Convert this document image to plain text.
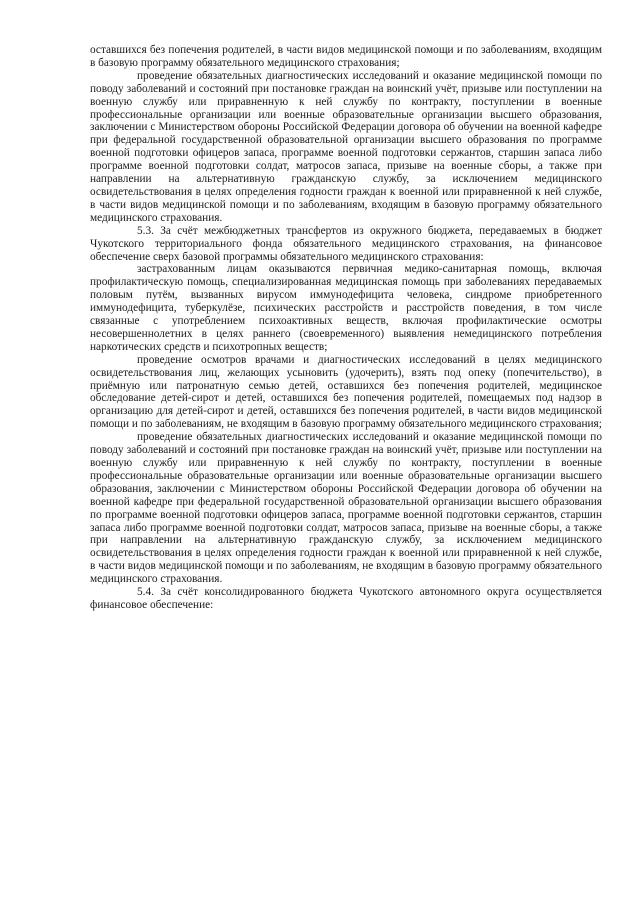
оставшихся без попечения родителей, в части видов медицинской помощи и по заболеваниям, входящим в базовую программу обязательного медицинского страхования;

проведение обязательных диагностических исследований и оказание медицинской помощи по поводу заболеваний и состояний при постановке граждан на воинский учёт, призыве или поступлении на военную службу или приравненную к ней службу по контракту, поступлении в военные профессиональные организации или военные образовательные организации высшего образования, заключении с Министерством обороны Российской Федерации договора об обучении на военной кафедре при федеральной государственной образовательной организации высшего образования по программе военной подготовки офицеров запаса, программе военной подготовки сержантов, старшин запаса либо программе военной подготовки солдат, матросов запаса, призыве на военные сборы, а также при направлении на альтернативную гражданскую службу, за исключением медицинского освидетельствования в целях определения годности граждан к военной или приравненной к ней службе, в части видов медицинской помощи и по заболеваниям, входящим в базовую программу обязательного медицинского страхования.

5.3. За счёт межбюджетных трансфертов из окружного бюджета, передаваемых в бюджет Чукотского территориального фонда обязательного медицинского страхования, на финансовое обеспечение сверх базовой программы обязательного медицинского страхования:

застрахованным лицам оказываются первичная медико-санитарная помощь, включая профилактическую помощь, специализированная медицинская помощь при заболеваниях передаваемых половым путём, вызванных вирусом иммунодефицита человека, синдроме приобретенного иммунодефицита, туберкулёзе, психических расстройств и расстройств поведения, в том числе связанные с употреблением психоактивных веществ, включая профилактические осмотры несовершеннолетних в целях раннего (своевременного) выявления немедицинского потребления наркотических средств и психотропных веществ;

проведение осмотров врачами и диагностических исследований в целях медицинского освидетельствования лиц, желающих усыновить (удочерить), взять под опеку (попечительство), в приёмную или патронатную семью детей, оставшихся без попечения родителей, медицинское обследование детей-сирот и детей, оставшихся без попечения родителей, помещаемых под надзор в организацию для детей-сирот и детей, оставшихся без попечения родителей, в части видов медицинской помощи и по заболеваниям, не входящим в базовую программу обязательного медицинского страхования;

проведение обязательных диагностических исследований и оказание медицинской помощи по поводу заболеваний и состояний при постановке граждан на воинский учёт, призыве или поступлении на военную службу или приравненную к ней службу по контракту, поступлении в военные профессиональные образовательные организации или военные образовательные организации высшего образования, заключении с Министерством обороны Российской Федерации договора об обучении на военной кафедре при федеральной государственной образовательной организации высшего образования по программе военной подготовки офицеров запаса, программе военной подготовки сержантов, старшин запаса либо программе военной подготовки солдат, матросов запаса, призыве на военные сборы, а также при направлении на альтернативную гражданскую службу, за исключением медицинского освидетельствования в целях определения годности граждан к военной или приравненной к ней службе, в части видов медицинской помощи и по заболеваниям, не входящим в базовую программу обязательного медицинского страхования.

5.4. За счёт консолидированного бюджета Чукотского автономного округа осуществляется финансовое обеспечение:
